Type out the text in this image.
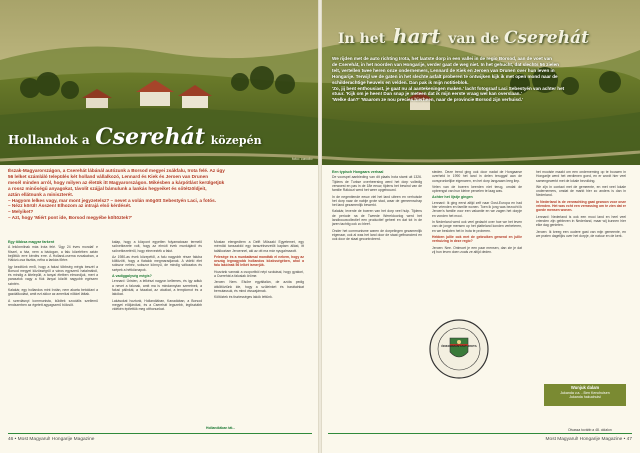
Hollandok a Cserehát közepén
foto: cavolo
In het hart van de Cserehát

We rijden met de auto richting Irota, het laatste dorp in een vallei in de regio Borsod, aan de voet van

de Cserehát, in het noorden van Hongarije, verder gaat de weg niet. In het gehucht, dat slechts 56 zielen

telt, vertellen twee heren onze ondernemers, Lennard de Kiek en Jeroen van Drunen over hun leven in

Hongarije. Terwijl we de gaten in het slechte asfalt proberen te ontwijken kijk ik met open mond naar de

schilderachtige heuvels en velden. Dan pak ik mijn notitieblok.

'Zo, jij bent enthousiast, je gaat nu al aantekeningen maken.' lacht fotograaf Laci Sebestyén van achter het

stuur. 'Kijk om je heen! Dan snap je meteen dat ik mijn eerste vraag wel kan overslaan.'

'Welke dan?' 'Waarom ze nou precies hierheen, naar de provincie Borsod zijn verhuisd.'

Észak-Magyarországon, a Cserehát lábánál autózunk a Borsod megyei zsákfalu, Irota felé. Az úgy

56 lelket számláló település két holland vállalkozó, Lennard és Kiek és Jeroen van Drunen

mesél minden arról, hogy milyen az életük itt Magyarországon. Mikésben a kárpótlást kerülgetjük

a rossz minőségű anyagokat, távolit szájjal bámulunk a lankás hegyeiket és sőtétzöldjeit,

aztán ellátnunk a miniszterét.

– Hagyom lelkes vagy, mar mont jegyzetelsz? – nevet a volán mögött Sebestyén Laci, a fotós.

– Nézz körül! Ásszen! Elhozom az intrajá első kérdését.

– Melyiket?

– Azt, hogy 'Miért pont ide, Borsod megyébe költöztek?'

Egy többsa magyar farkent

A leköxmilnak más Irota felé. 'Úgy 24 éves mondat' e főszel, a ház, nem a bádogan, a falu közelében aztán bejöttük erre kérdés erre. A Holland-cserna ezcakaban, a Hálózó-csa tisztás, néha a lankás főrtre.

Igy kezdtünk erről, hogy a falusi többség mégis beszél a Borsod megyei közösségről a város egyszerű hatalmából, és mindig a kitelepült, a tanyai életben elmondjuk, mert a parasztok vagy a fiúk lányai között nagyobb egészen szintén.

Kalakár, egy hollandos mint Irotán, nem akarta betoldani a gazdálkodást, amit ezt akkor az amerikai nőkkel láttak.

A szerdásnyi kommunista, küldtek szociális szellemű rendszerben az égetett agyagszerű bölcsőt.

kalap, hogy a központ egyetlen folyamatosan termelő szövetkezete volt, hogy az elmúlt évek munkájáról és szövetkezetéről, hogy elnevezték a falut.

Az 1980-as évek közepétől, a falu nagyobb része faluba költözött, hogy a fiatalok megmaradjanak. A vidéki élet sokszor nehéz, sokszor könnyű, de mindig változatos és szépek a hétköznapok.

A vadiggalység mégis?

Lennard: Úristen, a lelkészi nagyon kellemes, és így adtuk a nevet a falunak, amit ma is mindannyian szeretnek, a falusi pálinkát, a házakat, az utcákat, a templomot és a lakókat.

Lakásokat hoztunk, Hollandiában, Kanadában, a Borsod megyei elöljárókat, és a Cserehát legszebb, legtisztább vidékén építettük meg otthonunkat.

Mostan elengedtem a Delft Műszaki Egyetemet, egy mérnöki tanszaktól egy tanszékvezetőt kaptam állást, itt találkoztam Jeroennel, aki az ott ma már nyugalmazott.

Felesége és a munkatársai mondták el nekem, hogy az ország legnagyobb hollandos közösségében, ahol a falu lakóinak 56 lelkét ismerjük.

Hozzánk vannak a csoportból népi szokásai, hogy gyakori, a Cserehát a falusiak öröme.

Jeroen: Nem. Elsőre egyáltalán, de azóta pedig átköltöztünk ide, hogy a szüleinket és barátainkat bemutassuk, és mind visszajárnak.

Költöztek és tisztességes lakók lettünk.

Een typisch Hongaars verhaal

De voorspel aanbieding van dit plaats Irota stamt uit 1326. Tijdens de Turkse overheersing werd het dorp volledig verwoest en pas in de 18e eeuw, tijdens het bewind van de familie Rákóczi werd het weer opgebouwd.

In de negentiende eeuw viel het land uiteen en verhuisde het dorp naar de nabije grote stad, waar de gemeenschap het land gezamenlijk bewerkt.

Kalakár, leverde de boeren van het dorp veel hulp. Tijdens de periode na de Tweede Wereldoorlog werd het landbouwcollectief een productief geheel en dat tot in de jaren tachtig ook zo bleef.

Onder het communisme waren de dorpelingen gezamenlijk eigenaar, ook al was het land door de staat gefinancierd en ook door de staat gecontroleerd.

steden. Deze trend ging ook door nadat de Hongaarse overheid in 1990 het land in delen teruggaf aan de oorspronkelijke eigenaren, en het dorp langzaam leeg liep.

Velen van de boeren keerden niet terug, omdat de opbrengst van hun kleine percelen te laag was.

Achter het lijstje gingen

Lennard: Ik ging eerst altijd zelf naar Oost-Europa en had hier vrienden en familie wonen. Toen ik jong was bezocht ik Jeroen's familie voor een vakantie en we zagen het dorpje en vonden het mooi.

In Nederland werd ook veel gedacht over hoe we het leven van de jonge mensen op het platteland konden verbeteren, en we besloten het in Irota te proberen.

Hebben jullie ook met de gebruiken gewend en jullie verhuizing in deze regio?

Jeroen: Nee. Ontmoet je een paar mensen, dan zie je dat zij hun leven doen zoals ze altijd deden.

het mooiste maakt om een onderneming op te bouwen in Hongarije werd het verdienen goed, en er wordt hier veel samengewerkt met de lokale bevolking.

We zijn in contact met de gemeente, en met veel lokale ondernemers, omdat de markt hier zo anders is dan in Nederland.

In Nederland is de verwachting gaat gewoon voor onze vrienden. Het was echt een verrassing om te zien dat er goede mensen wonen.

Lennard: Nederland is ook een mooi land en heel veel vrienden zijn gebleven in Nederland, maar wij kunnen hier elke dag genieten.

Jeroen: Ik kreeg een oudere gast van mijn gemeente, en we praten dagelijks over het dorpje, de natuur en de kerk.

ÖNKORMÁNYZAT IROTA
Wunjuk dalam
Jukanda v.a. - Ben Kenchuisen
Jukanda hakuchuisi
Hollandiában tát...	Olvassa tovább a 48. oldalon
46 • Most Magyarul! Hongarije Magazine	Most Magyarul! Hongarije Magazine • 47
